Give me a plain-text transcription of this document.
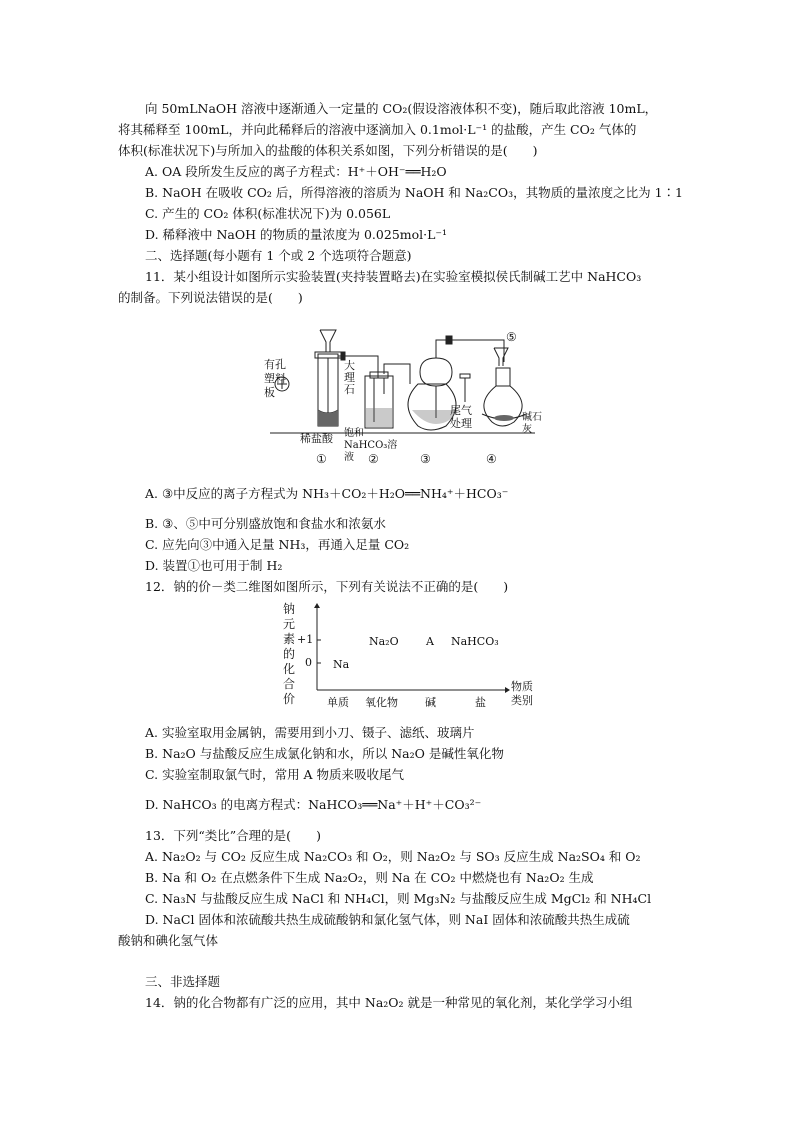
向 50mLNaOH 溶液中逐渐通入一定量的 CO₂(假设溶液体积不变)，随后取此溶液 10mL，
将其稀释至 100mL，并向此稀释后的溶液中逐滴加入 0.1mol·L⁻¹ 的盐酸，产生 CO₂ 气体的
体积(标准状况下)与所加入的盐酸的体积关系如图，下列分析错误的是(　　)
A. OA 段所发生反应的离子方程式：H⁺＋OH⁻══H₂O
B. NaOH 在吸收 CO₂ 后，所得溶液的溶质为 NaOH 和 Na₂CO₃，其物质的量浓度之比为 1∶1
C. 产生的 CO₂ 体积(标准状况下)为 0.056L
D. 稀释液中 NaOH 的物质的量浓度为 0.025mol·L⁻¹
二、选择题(每小题有 1 个或 2 个选项符合题意)
11．某小组设计如图所示实验装置(夹持装置略去)在实验室模拟侯氏制碱工艺中 NaHCO₃
的制备。下列说法错误的是(　　)
有孔塑料板
大理石
稀盐酸 饱和NaHCO₃溶液
尾气处理	碱石灰
①	②	③	④
⑤
A. ③中反应的离子方程式为 NH₃＋CO₂＋H₂O══NH₄⁺＋HCO₃⁻
B. ③、⑤中可分别盛放饱和食盐水和浓氨水
C. 应先向③中通入足量 NH₃，再通入足量 CO₂
D. 装置①也可用于制 H₂
12．钠的价－类二维图如图所示，下列有关说法不正确的是(　　)
钠元素的化合价
+1
0
单质 氧化物 碱	盐
物质类别
Na₂O A NaHCO₃
Na
A. 实验室取用金属钠，需要用到小刀、镊子、滤纸、玻璃片
B. Na₂O 与盐酸反应生成氯化钠和水，所以 Na₂O 是碱性氧化物
C. 实验室制取氯气时，常用 A 物质来吸收尾气
D. NaHCO₃ 的电离方程式：NaHCO₃══Na⁺＋H⁺＋CO₃²⁻
13．下列“类比”合理的是(　　)
A. Na₂O₂ 与 CO₂ 反应生成 Na₂CO₃ 和 O₂，则 Na₂O₂ 与 SO₃ 反应生成 Na₂SO₄ 和 O₂
B. Na 和 O₂ 在点燃条件下生成 Na₂O₂，则 Na 在 CO₂ 中燃烧也有 Na₂O₂ 生成
C. Na₃N 与盐酸反应生成 NaCl 和 NH₄Cl，则 Mg₃N₂ 与盐酸反应生成 MgCl₂ 和 NH₄Cl
D. NaCl 固体和浓硫酸共热生成硫酸钠和氯化氢气体，则 NaI 固体和浓硫酸共热生成硫
酸钠和碘化氢气体
三、非选择题
14．钠的化合物都有广泛的应用，其中 Na₂O₂ 就是一种常见的氧化剂，某化学学习小组
